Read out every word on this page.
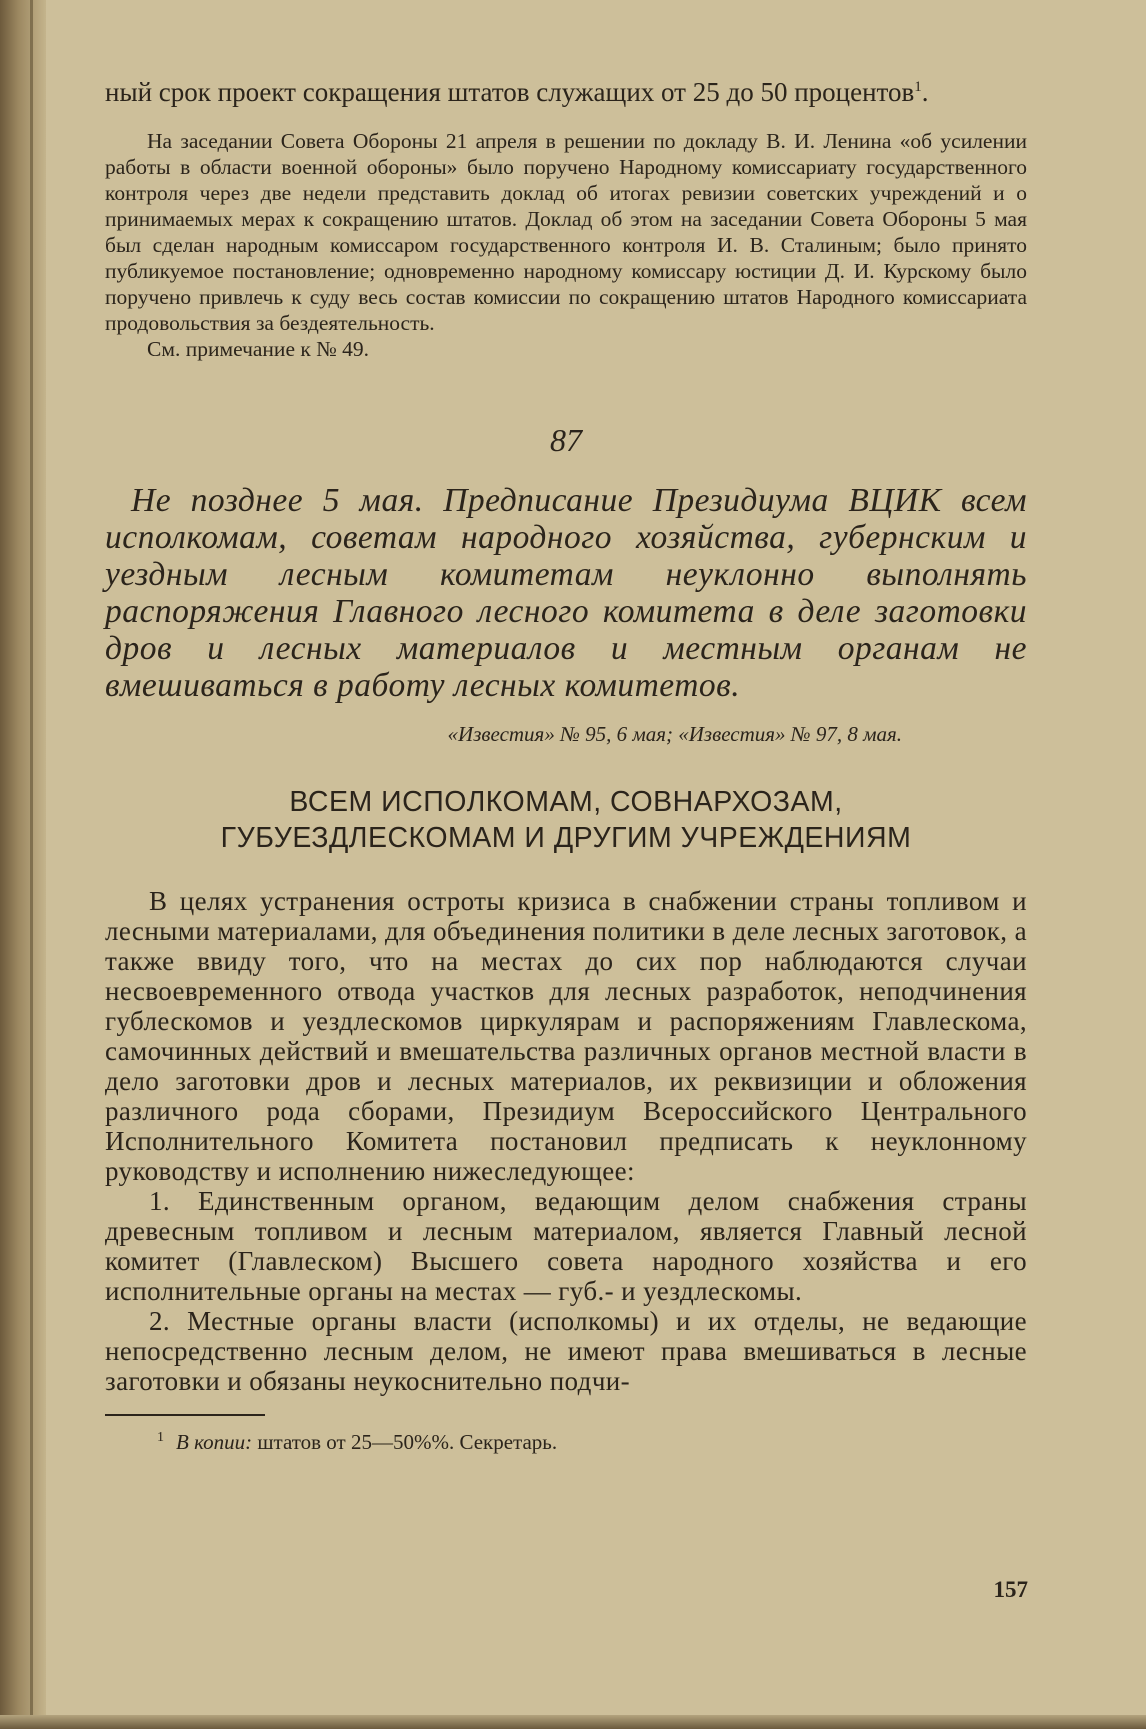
ный срок проект сокращения штатов служащих от 25 до 50 процентов$^1$.

На заседании Совета Обороны 21 апреля в решении по докладу В. И. Ленина «об усилении работы в области военной обороны» было поручено Народному комиссариату государственного контроля через две недели представить доклад об итогах ревизии советских учреждений и о принимаемых мерах к сокращению штатов. Доклад об этом на заседании Совета Обороны 5 мая был сделан народным комиссаром государственного контроля И. В. Сталиным; было принято публикуемое постановление; одновременно народному комиссару юстиции Д. И. Курскому было поручено привлечь к суду весь состав комиссии по сокращению штатов Народного комиссариата продовольствия за бездеятельность.

См. примечание к № 49.

87

Не позднее 5 мая. Предписание Президиума ВЦИК всем исполкомам, советам народного хозяйства, губернским и уездным лесным комитетам неуклонно выполнять распоряжения Главного лесного комитета в деле заготовки дров и лесных материалов и местным органам не вмешиваться в работу лесных комитетов.

«Известия» № 95, 6 мая; «Известия» № 97, 8 мая.
ВСЕМ ИСПОЛКОМАМ, СОВНАРХОЗАМ,
ГУБУЕЗДЛЕСКОМАМ И ДРУГИМ УЧРЕЖДЕНИЯМ

В целях устранения остроты кризиса в снабжении страны топливом и лесными материалами, для объединения политики в деле лесных заготовок, а также ввиду того, что на местах до сих пор наблюдаются случаи несвоевременного отвода участков для лесных разработок, неподчинения гублескомов и уездлескомов циркулярам и распоряжениям Главлескома, самочинных действий и вмешательства различных органов местной власти в дело заготовки дров и лесных материалов, их реквизиции и обложения различного рода сборами, Президиум Всероссийского Центрального Исполнительного Комитета постановил предписать к неуклонному руководству и исполнению нижеследующее:

1. Единственным органом, ведающим делом снабжения страны древесным топливом и лесным материалом, является Главный лесной комитет (Главлеском) Высшего совета народного хозяйства и его исполнительные органы на местах — губ.- и уездлескомы.

2. Местные органы власти (исполкомы) и их отделы, не ведающие непосредственно лесным делом, не имеют права вмешиваться в лесные заготовки и обязаны неукоснительно подчи-

$^1$ В копии: штатов от 25—50%%. Секретарь.

157
